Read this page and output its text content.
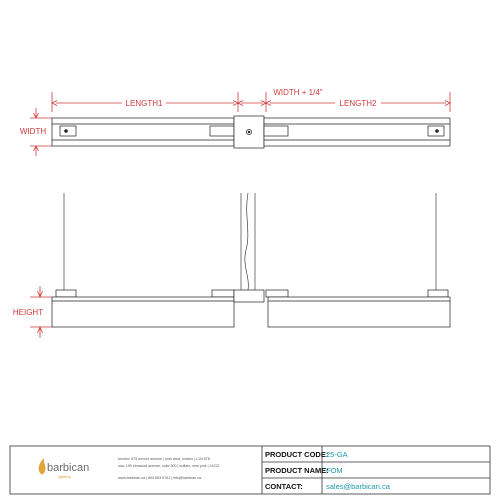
LENGTH1
WIDTH + 1/4"
LENGTH2
WIDTH
HEIGHT
barbican
lighting
toronto: 875 ormont avenue | york area, ontario | L1N 6T8
usa: 199 elmwood avenue, suite 300 | buffalo, new york | 14222
www.barbican.ca | 800 663 5761 | info@barbican.ca
PRODUCT CODE:
25-GA
PRODUCT NAME:
FOM
CONTACT:	sales@barbican.ca
